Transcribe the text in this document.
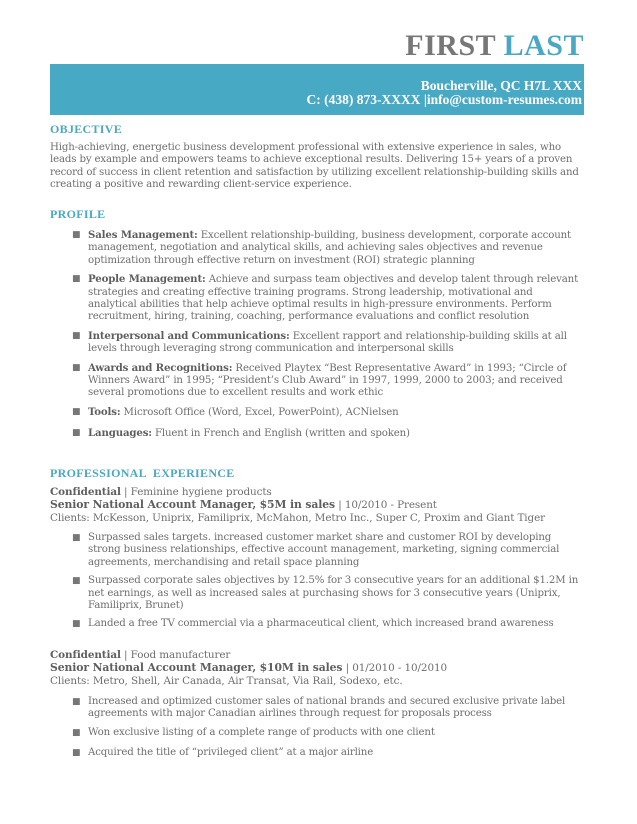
FIRST LAST
Boucherville, QC H7L XXX
C: (438) 873-XXXX |info@custom-resumes.com
OBJECTIVE
High-achieving, energetic business development professional with extensive experience in sales, who leads by example and empowers teams to achieve exceptional results. Delivering 15+ years of a proven record of success in client retention and satisfaction by utilizing excellent relationship-building skills and creating a positive and rewarding client-service experience.
PROFILE
■ Sales Management: Excellent relationship-building, business development, corporate account management, negotiation and analytical skills, and achieving sales objectives and revenue optimization through effective return on investment (ROI) strategic planning
■ People Management: Achieve and surpass team objectives and develop talent through relevant strategies and creating effective training programs. Strong leadership, motivational and analytical abilities that help achieve optimal results in high-pressure environments. Perform recruitment, hiring, training, coaching, performance evaluations and conflict resolution
■ Interpersonal and Communications: Excellent rapport and relationship-building skills at all levels through leveraging strong communication and interpersonal skills
■ Awards and Recognitions: Received Playtex “Best Representative Award” in 1993; “Circle of Winners Award” in 1995; “President’s Club Award” in 1997, 1999, 2000 to 2003; and received several promotions due to excellent results and work ethic
■ Tools: Microsoft Office (Word, Excel, PowerPoint), ACNielsen
■ Languages: Fluent in French and English (written and spoken)
PROFESSIONAL  EXPERIENCE
Confidential | Feminine hygiene products
Senior National Account Manager, $5M in sales | 10/2010 - Present
Clients: McKesson, Uniprix, Familiprix, McMahon, Metro Inc., Super C, Proxim and Giant Tiger
■ Surpassed sales targets. increased customer market share and customer ROI by developing strong business relationships, effective account management, marketing, signing commercial agreements, merchandising and retail space planning
■ Surpassed corporate sales objectives by 12.5% for 3 consecutive years for an additional $1.2M in net earnings, as well as increased sales at purchasing shows for 3 consecutive years (Uniprix, Familiprix, Brunet)
■ Landed a free TV commercial via a pharmaceutical client, which increased brand awareness
Confidential | Food manufacturer
Senior National Account Manager, $10M in sales | 01/2010 - 10/2010
Clients: Metro, Shell, Air Canada, Air Transat, Via Rail, Sodexo, etc.
■ Increased and optimized customer sales of national brands and secured exclusive private label agreements with major Canadian airlines through request for proposals process
■ Won exclusive listing of a complete range of products with one client
■ Acquired the title of “privileged client” at a major airline
